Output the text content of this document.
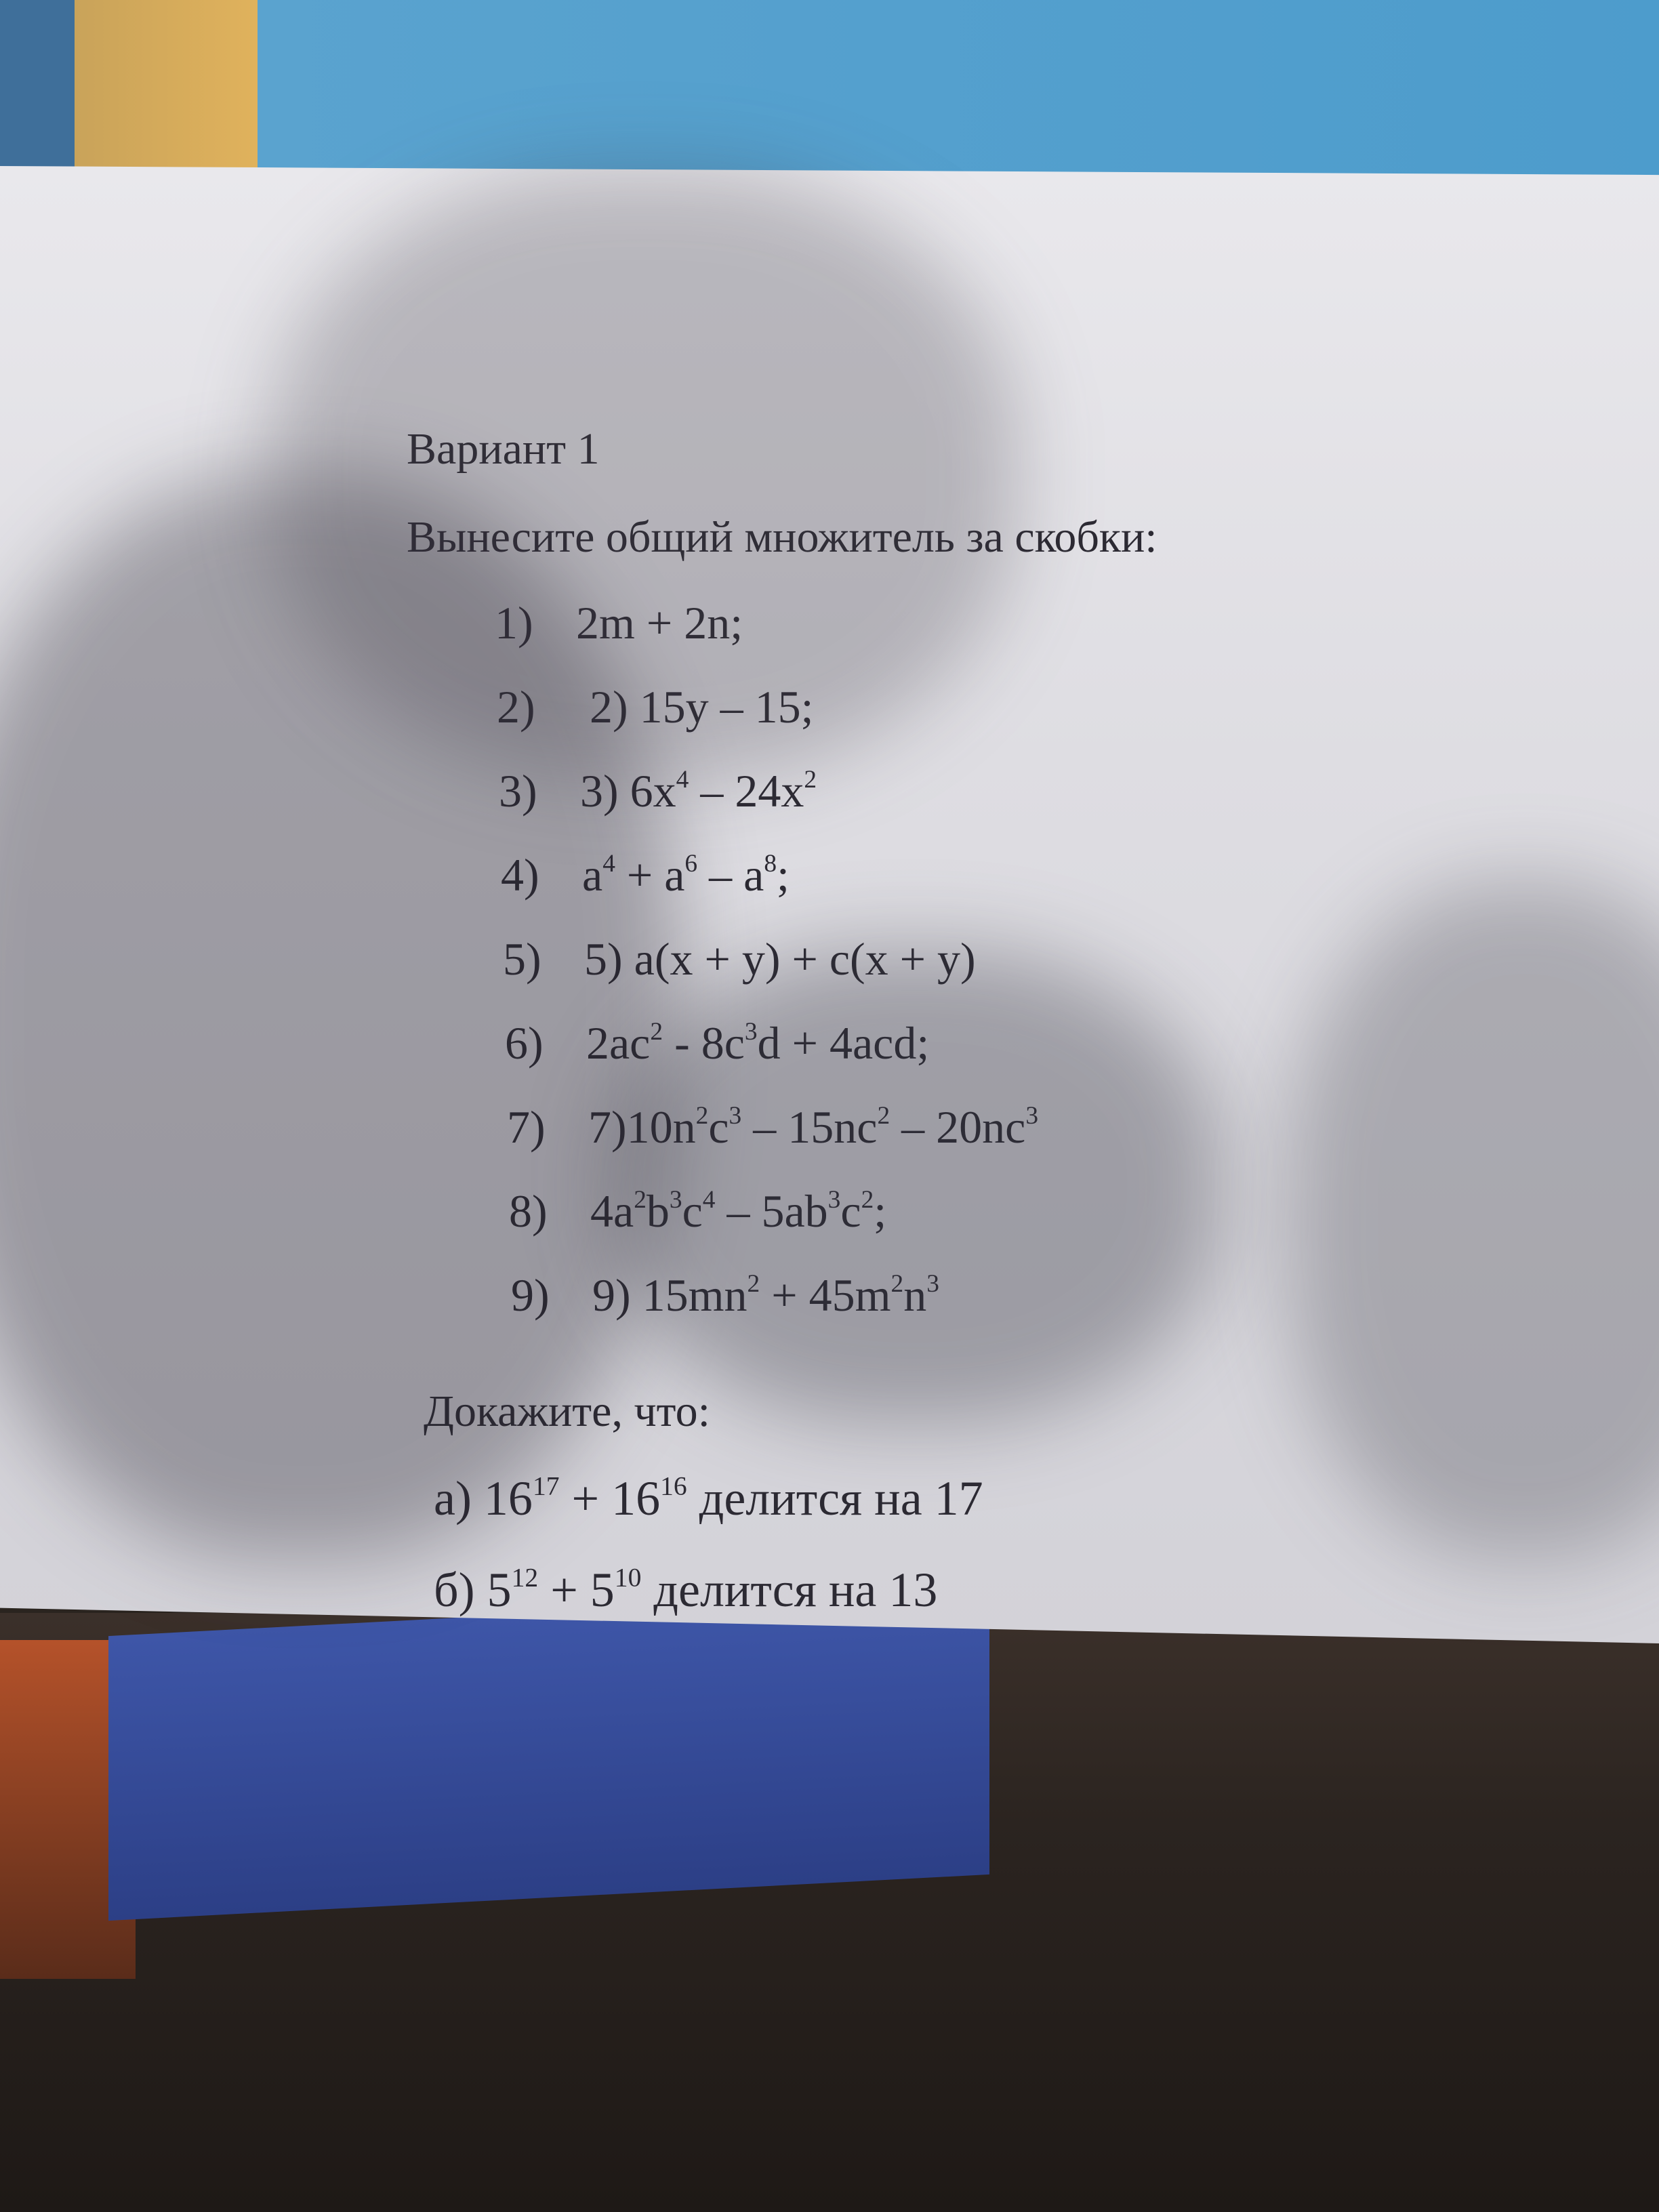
Вариант 1
Вынесите общий множитель за скобки:
1) 2m + 2n;
2) 2) 15y – 15;
3) 3) $6x^4 - 24x^2$
4) $a^4 + a^6 - a^8$;
5) 5) a(x + y) + c(x + y)
6) $2ac^2 - 8c^3d + 4acd$;
7) $7)10n^2c^3 - 15nc^2 - 20nc^3$
8) $4a^2b^3c^4 - 5ab^3c^2$;
9) 9) $15mn^2 + 45m^2n^3$
Докажите, что:
а) $16^{17} + 16^{16}$ делится на 17
б) $5^{12} + 5^{10}$ делится на 13
